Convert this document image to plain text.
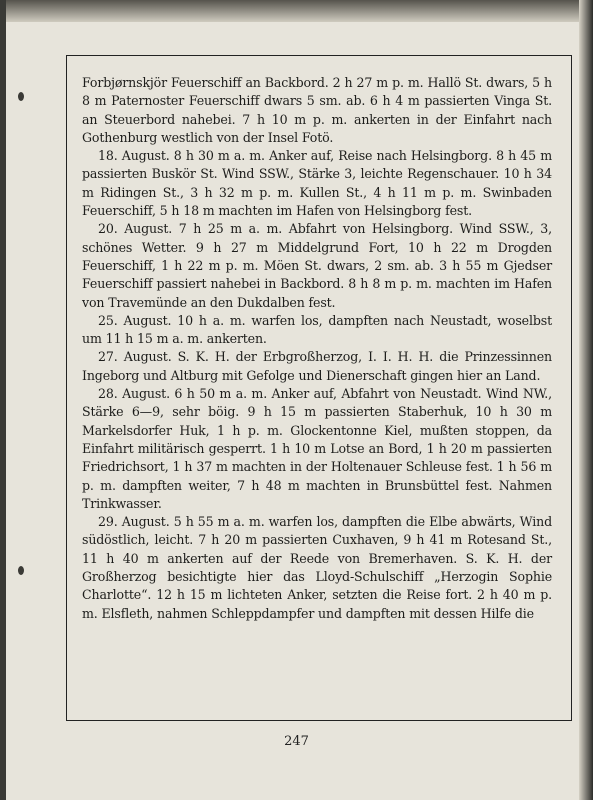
Forbjørnskjör Feuerschiff an Backbord. 2 h 27 m p. m. Hallö St. dwars, 5 h 8 m Paternoster Feuerschiff dwars 5 sm. ab. 6 h 4 m passierten Vinga St. an Steuerbord nahebei. 7 h 10 m p. m. ankerten in der Einfahrt nach Gothenburg westlich von der Insel Fotö.

18. August. 8 h 30 m a. m. Anker auf, Reise nach Helsingborg. 8 h 45 m passierten Buskör St. Wind SSW., Stärke 3, leichte Regenschauer. 10 h 34 m Ridingen St., 3 h 32 m p. m. Kullen St., 4 h 11 m p. m. Swinbaden Feuerschiff, 5 h 18 m machten im Hafen von Helsingborg fest.

20. August. 7 h 25 m a. m. Abfahrt von Helsingborg. Wind SSW., 3, schönes Wetter. 9 h 27 m Middelgrund Fort, 10 h 22 m Drogden Feuerschiff, 1 h 22 m p. m. Möen St. dwars, 2 sm. ab. 3 h 55 m Gjedser Feuerschiff passiert nahebei in Backbord. 8 h 8 m p. m. machten im Hafen von Travemünde an den Dukdalben fest.

25. August. 10 h a. m. warfen los, dampften nach Neustadt, woselbst um 11 h 15 m a. m. ankerten.

27. August. S. K. H. der Erbgroßherzog, I. I. H. H. die Prinzessinnen Ingeborg und Altburg mit Gefolge und Dienerschaft gingen hier an Land.

28. August. 6 h 50 m a. m. Anker auf, Abfahrt von Neustadt. Wind NW., Stärke 6—9, sehr böig. 9 h 15 m passierten Staberhuk, 10 h 30 m Markelsdorfer Huk, 1 h p. m. Glockentonne Kiel, mußten stoppen, da Einfahrt militärisch gesperrt. 1 h 10 m Lotse an Bord, 1 h 20 m passierten Friedrichsort, 1 h 37 m machten in der Holtenauer Schleuse fest. 1 h 56 m p. m. dampften weiter, 7 h 48 m machten in Brunsbüttel fest. Nahmen Trinkwasser.

29. August. 5 h 55 m a. m. warfen los, dampften die Elbe abwärts, Wind südöstlich, leicht. 7 h 20 m passierten Cuxhaven, 9 h 41 m Rotesand St., 11 h 40 m ankerten auf der Reede von Bremerhaven. S. K. H. der Großherzog besichtigte hier das Lloyd-Schulschiff „Herzogin Sophie Charlotte“. 12 h 15 m lichteten Anker, setzten die Reise fort. 2 h 40 m p. m. Elsfleth, nahmen Schleppdampfer und dampften mit dessen Hilfe die

247
